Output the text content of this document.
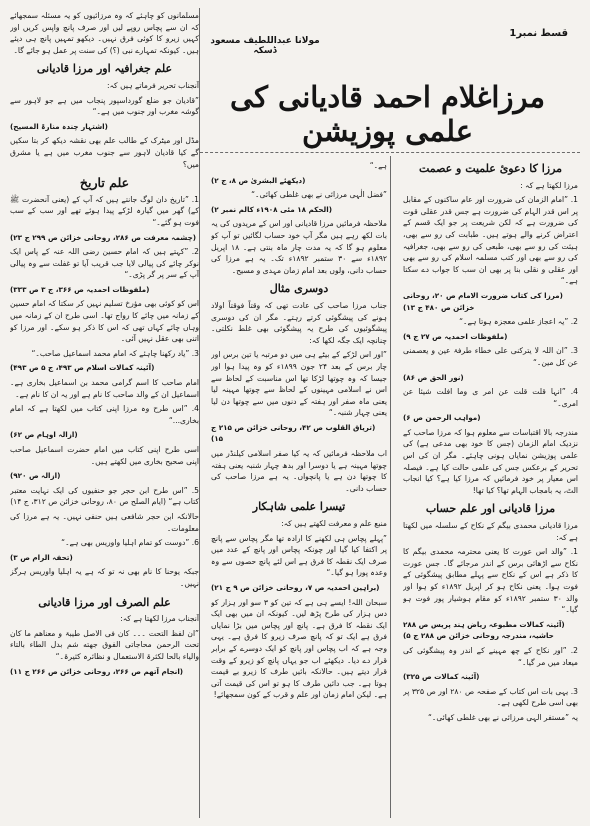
قسط نمبر1
مولانا عبداللطیف مسعود ڈسکہ
مرزاغلام احمد قادیانی کی علمی پوزیشن
مرزا کا دعوئ علمیت و عصمت
مرزا لکھتا ہے کہ :
1. ”امام الزمان کی ضرورت اور عام ساکنوں کے مقابل پر اس قدر الہام کی ضرورت ہے جس قدر عقلی قوت کی ضرورت ہے کہ لکن شریعت پر جو ایک قسم کے اعتراض کرنے والے ہوتے ہیں۔ طبابت کی رو سے بھی، ہیئت کی رو سے بھی، طبعی کی رو سے بھی، جغرافیہ کی رو سے بھی اور کتب مسلمہ اسلام کی رو سے بھی اور عقلی و نقلی بنا پر بھی ان سب کا جواب دے سکتا ہے۔“
(مرزا کی کتاب ضرورت الامام ص ۲۰، روحانی خزائن ص ۴۸۰ ج ۱۳)
2. ”یہ اعجاز علمی معجزہ ہوتا ہے۔“
(ملفوظات احمدیہ ص ۲۷ ج ۹)
3. ”ان اللہ لا یترکنی علی خطاء طرفۃ عین و یعصمنی عن کل مین۔“
(نور الحق ص ۸۶)
4. ”انہا قلت قلت عن امر ی وما افلت شیئا عن امری۔“
(مواہب الرحمن ص ۶)
مندرجہ بالا اقتباسات سے معلوم ہوا کہ مرزا صاحب کے نزدیک امام الزمان (جس کا خود بھی مدعی ہے) کی علمی پوزیشن نمایاں ہونی چاہئے۔ مگر ان کی اس تحریر کے برعکس جس کی علمی حالت کیا ہے۔ فیصلہ اس معیار پر خود فرمائیں کہ مرزا کیا ہے؟ کیا انجاب الٹ، یہ بامجاب الہام تھا؟ کیا تھا!
مرزا قادیانی اور علم حساب
مرزا قادیانی محمدی بیگم کے نکاح کے سلسلہ میں لکھتا ہے کہ:
1. ”والد اس عورت کا یعنی محترمہ محمدی بیگم کا نکاح سے اڑھائی برس کے اندر مرجائے گا۔ جس عورت کا ذکر ہے اس کے نکاح سے پہلے مطابق پیشگوئی کے فوت ہوا۔ یعنی نکاح ہو کر اپریل ۱۸۹۲ء کو ہوا اور والد ۳۰ ستمبر ۱۸۹۲ء کو مقام ہوشیار پور فوت ہو گیا۔“
(آئینہ کمالات مطبوعہ ریاض ہند پریس ص ۲۸۸ حاشیہ، مندرجہ روحانی خزائن ص ۲۸۸ ج ۵)
2. ”اور نکاح کے چھ مہینے کے اندر وہ پیشگوئی کی میعاد میں مر گیا۔“
(آئینہ کمالات ص ۳۲۵)
3. یہی بات اس کتاب کے صفحہ ص ۲۸۰ اور ص ۳۲۵ پر بھی اسی طرح لکھی ہے۔
یہ ”مستفر الہی مرزائی نے بھی غلطی کھائی۔“
ہے۔“
(دیکھئے البشریٰ ص ۸، ج ۲)
”فضل الٰہی مرزائی نے بھی غلطی کھائی۔“
(الحکم ۱۸ مئی ۱۹۰۸ء کالم نمبر ۲)
ملاحظہ فرمائیں مرزا قادیانی اور اس کے مریدوں کی یہ بات لکھ رہے ہیں مگر آپ خود حساب لگائیں تو آپ کو معلوم ہو گا کہ یہ مدت چار ماہ بنتی ہے۔ ۱۸ اپریل ۱۸۹۲ء سے ۳۰ ستمبر ۱۸۹۲ء تک۔ یہ ہے مرزا کی حساب دانی، ولوں بعد امام زمان مہدی و مسیح۔
دوسری مثال
جناب مرزا صاحب کی عادت تھی کہ وقتاً فوقتاً اولاد ہونے کی پیشگوئی کرتے رہتے۔ مگر ان کی دوسری پیشگوئیوں کی طرح یہ پیشگوئی بھی غلط نکلتی۔ چنانچہ ایک جگہ لکھا کہ:
”اور اس لڑکے کے بیٹے ہی میں دو مرتبہ یا تین برس اور چار برس کے بعد ۲۴ جون ۱۸۹۹ء کو وہ پیدا ہوا اور جیسا کہ وہ چوتھا لڑکا تھا اس مناسبت کے لحاظ سے اس نے اسلامی مہینوں کے لحاظ سے چوتھا مہینہ لیا یعنی ماہ صفر اور ہفتہ کے دنوں میں سے چوتھا دن لیا یعنی چہار شنبہ۔“
(تریاق القلوب ص ۴۲، روحانی خزائن ص ۲۱۵ ج ۱۵)
اب ملاحظہ فرمائیں کہ یہ کیا صفر اسلامی کیلنڈر میں چوتھا مہینہ ہے یا دوسرا اور بدھ چہار شنبہ یعنی ہفتہ کا چوتھا دن ہے یا پانچواں۔ یہ ہے مرزا صاحب کی حساب دانی۔
تیسرا علمی شاہکار
منبع علم و معرفت لکھتے ہیں کہ:
”پہلے پچاس ہی لکھنے کا ارادہ تھا مگر پچاس سے پانچ پر اکتفا کیا گیا اور چونکہ پچاس اور پانچ کے عدد میں صرف ایک نقطہ کا فرق ہے اس لئے پانچ حصوں سے وہ وعدہ پورا ہو گیا۔“
(براہین احمدیہ ص ۷، روحانی خزائن ص ۹ ج ۲۱)
سبحان اللہ! ایسے ہی ہے کہ تین کو ۳ سو اور ہزار کو دس ہزار کی طرح پڑھ لیں۔ کیونکہ ان میں بھی ایک ایک نقطہ کا فرق ہے۔ پانچ اور پچاس میں بڑا نمایاں فرق ہے ایک تو کہ پانچ صرف زیرو کا فرق ہے۔ یہی وجہ ہے کہ اب پچاس اور پانچ کو ایک دوسرے کے برابر قرار دے دیا۔ دیکھئے اب جو یہاں پانچ کو زیرو کے وقت قرار دیتے ہیں۔ حالانکہ بائیں طرف کا زیرو بے قیمت ہوتا ہے۔ جب دائیں طرف کا ہو تو اس کی قیمت آتی ہے۔ لیکن امام زمان اور علم و قرب کے کون سمجھائے!
مسلمانوں کو چاہئے کہ وہ مرزائیوں کو یہ مسئلہ سمجھائے کہ ان سے پچاس روپے لیں اور صرف پانچ واپس کریں اور کہیں زیرو کا کوئی فرق نہیں۔ دیکھو تمہیں پانچ ہی دیئے ہیں۔ کیونکہ تمہارے نبی (؟) کی سنت پر عمل ہو جائے گا۔
علم جغرافیہ اور مرزا قادیانی
آنجناب تحریر فرماتے ہیں کہ:
”قادیان جو ضلع گورداسپور پنجاب میں ہے جو لاہور سے گوشہ مغرب اور جنوب میں ہے۔“
(اشتہار چندہ منارۃ المسیح)
مڈل اور میٹرک کے طالب علم بھی نقشہ دیکھ کر بتا سکیں گے کیا قادیان لاہور سے جنوب مغرب میں ہے یا مشرق میں؟
علم تاریخ
1. ”تاریخ دان لوگ جانتے ہیں کہ آپ کے (یعنی آنحضرت ﷺ کے) گھر میں گیارہ لڑکے پیدا ہوئے تھے اور سب کے سب فوت ہو گئے۔“
(چشمہ معرفت ص ۲۸۶، روحانی خزائن ص ۲۹۹ ج ۲۳)
2. ”کہتے ہیں کہ امام حسین رضی اللہ عنہ کے پاس ایک نوکر چائے کی پیالی لایا جب قریب آیا تو غفلت سے وہ پیالی آپ کے سر پر گر پڑی۔“
(ملفوظات احمدیہ ص ۳۶۶، ج ۳ ص ۳۳۳)
اس کو کوئی بھی مؤرخ تسلیم نہیں کر سکتا کہ امام حسین کے زمانہ میں چائے کا رواج تھا۔ اسی طرح ان کے زمانہ میں وہاں چائے کہاں تھی کہ اس کا ذکر ہو سکے۔ اور مرزا کو اتنی بھی عقل نہیں آئی۔
3. ”یاد رکھنا چاہئے کہ امام محمد اسماعیل صاحب۔“
(آئینہ کمالات اسلام ص ۴۹۳، ج ۵ ص ۴۹۳)
امام صاحب کا اسم گرامی محمد بن اسماعیل بخاری ہے۔ اسماعیل ان کے والد صاحب کا نام ہے اور یہ ان کا نام ہے۔
4. ”اس طرح وہ مرزا اپنی کتاب میں لکھتا ہے کہ امام بخاری...“
(ازالہ اوہام ص ۶۲)
اسی طرح اپنی کتاب میں امام حضرت اسماعیل صاحب اپنی صحیح بخاری میں لکھتے ہیں۔
(ازالہ ص ۹۲۰)
5. ”اس طرح ابن حجر جو حنفیوں کی ایک نہایت معتبر کتاب ہے“ (ایام الصلح ص ۸۰، روحانی خزائن ص ۳۱۲، ج ۱۴)
حالانکہ ابن حجر شافعی ہیں حنفی نہیں۔ یہ ہے مرزا کی معلومات۔
6. ”دوست کو تمام اہلیا واوریس بھی ہے۔“
(تحفہ الرام ص ۳)
جبکہ یوحنا کا نام بھی نہ تو کہ ہے یہ اہلیا واوریس ہرگز نہیں۔
علم الصرف اور مرزا قادیانی
آنجناب مرزا لکھتا ہے کہ:
”ان لفظ التحت ۔۔۔ کان فی الاصل طیبۃ و معناھم ما کان تحت الرحمن محاجاتی الفوق جھته شم بدل الطاء بالتاء والیاء بالحا لکثرۃ الاستعمال و نظائرہ کثیرۃ۔“
(انجام آتھم ص ۲۶۶، روحانی خزائن ص ۲۶۶ ج ۱۱)
